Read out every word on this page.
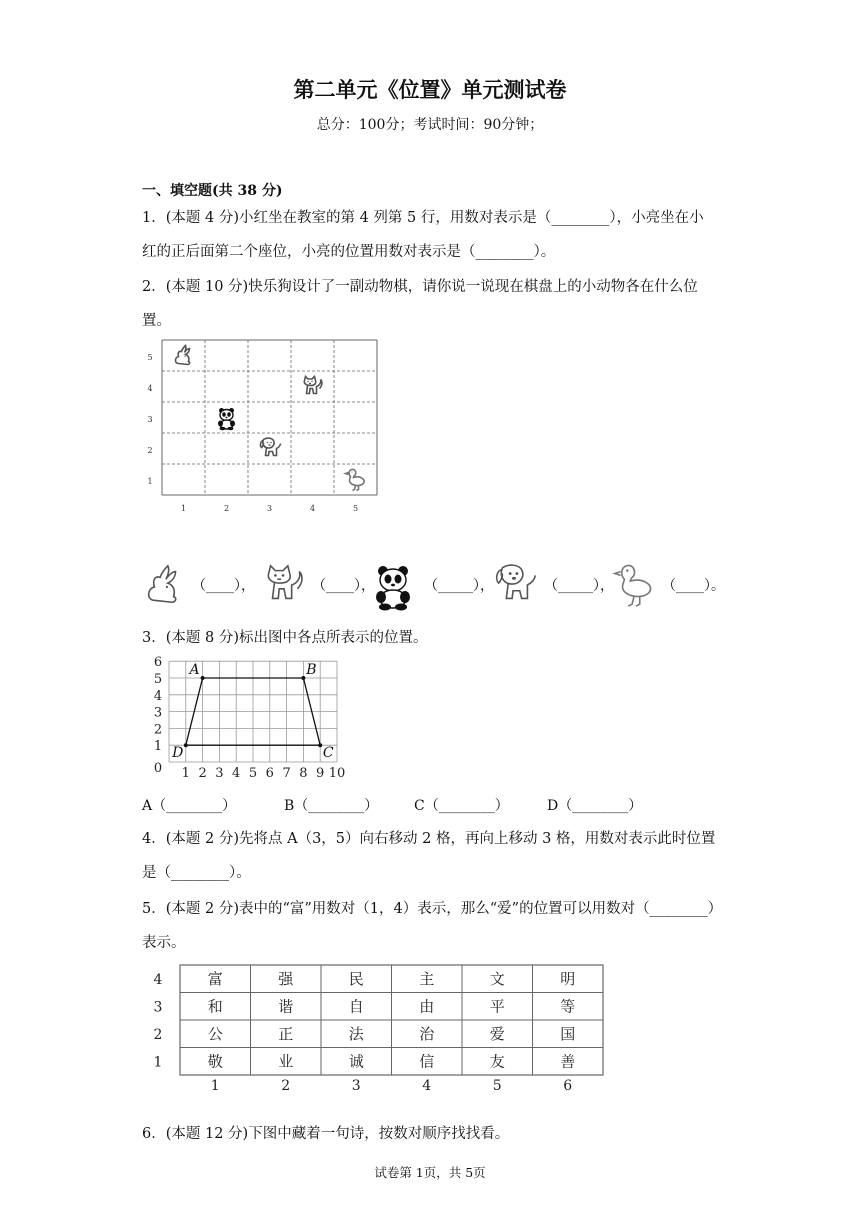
第二单元《位置》单元测试卷
总分：100分；考试时间：90分钟；
一、填空题(共 38 分)
1．(本题 4 分)小红坐在教室的第 4 列第 5 行，用数对表示是（________），小亮坐在小
红的正后面第二个座位，小亮的位置用数对表示是（________）。
2．(本题 10 分)快乐狗设计了一副动物棋，请你说一说现在棋盘上的小动物各在什么位
置。
5
4
3
2
1
1	2	3	4	5
（____），	（____），	（_____），	（_____），	（____）。
3．(本题 8 分)标出图中各点所表示的位置。
1 2 3 4 5 6 7 8 9 10
1
2
3
4
5
6
0
A	B
C
D
A（________）	B（________）	C（________）	D（________）
4．(本题 2 分)先将点 A（3，5）向右移动 2 格，再向上移动 3 格，用数对表示此时位置
是（________）。
5．(本题 2 分)表中的“富”用数对（1，4）表示，那么“爱”的位置可以用数对（________）
表示。
富	强	民	主	文	明
和	谐	自	由	平	等
公	正	法	治	爱	国
敬	业	诚	信	友	善
4
3
2
1
1	2	3	4	5	6
6．(本题 12 分)下图中藏着一句诗，按数对顺序找找看。
试卷第 1页，共 5页
